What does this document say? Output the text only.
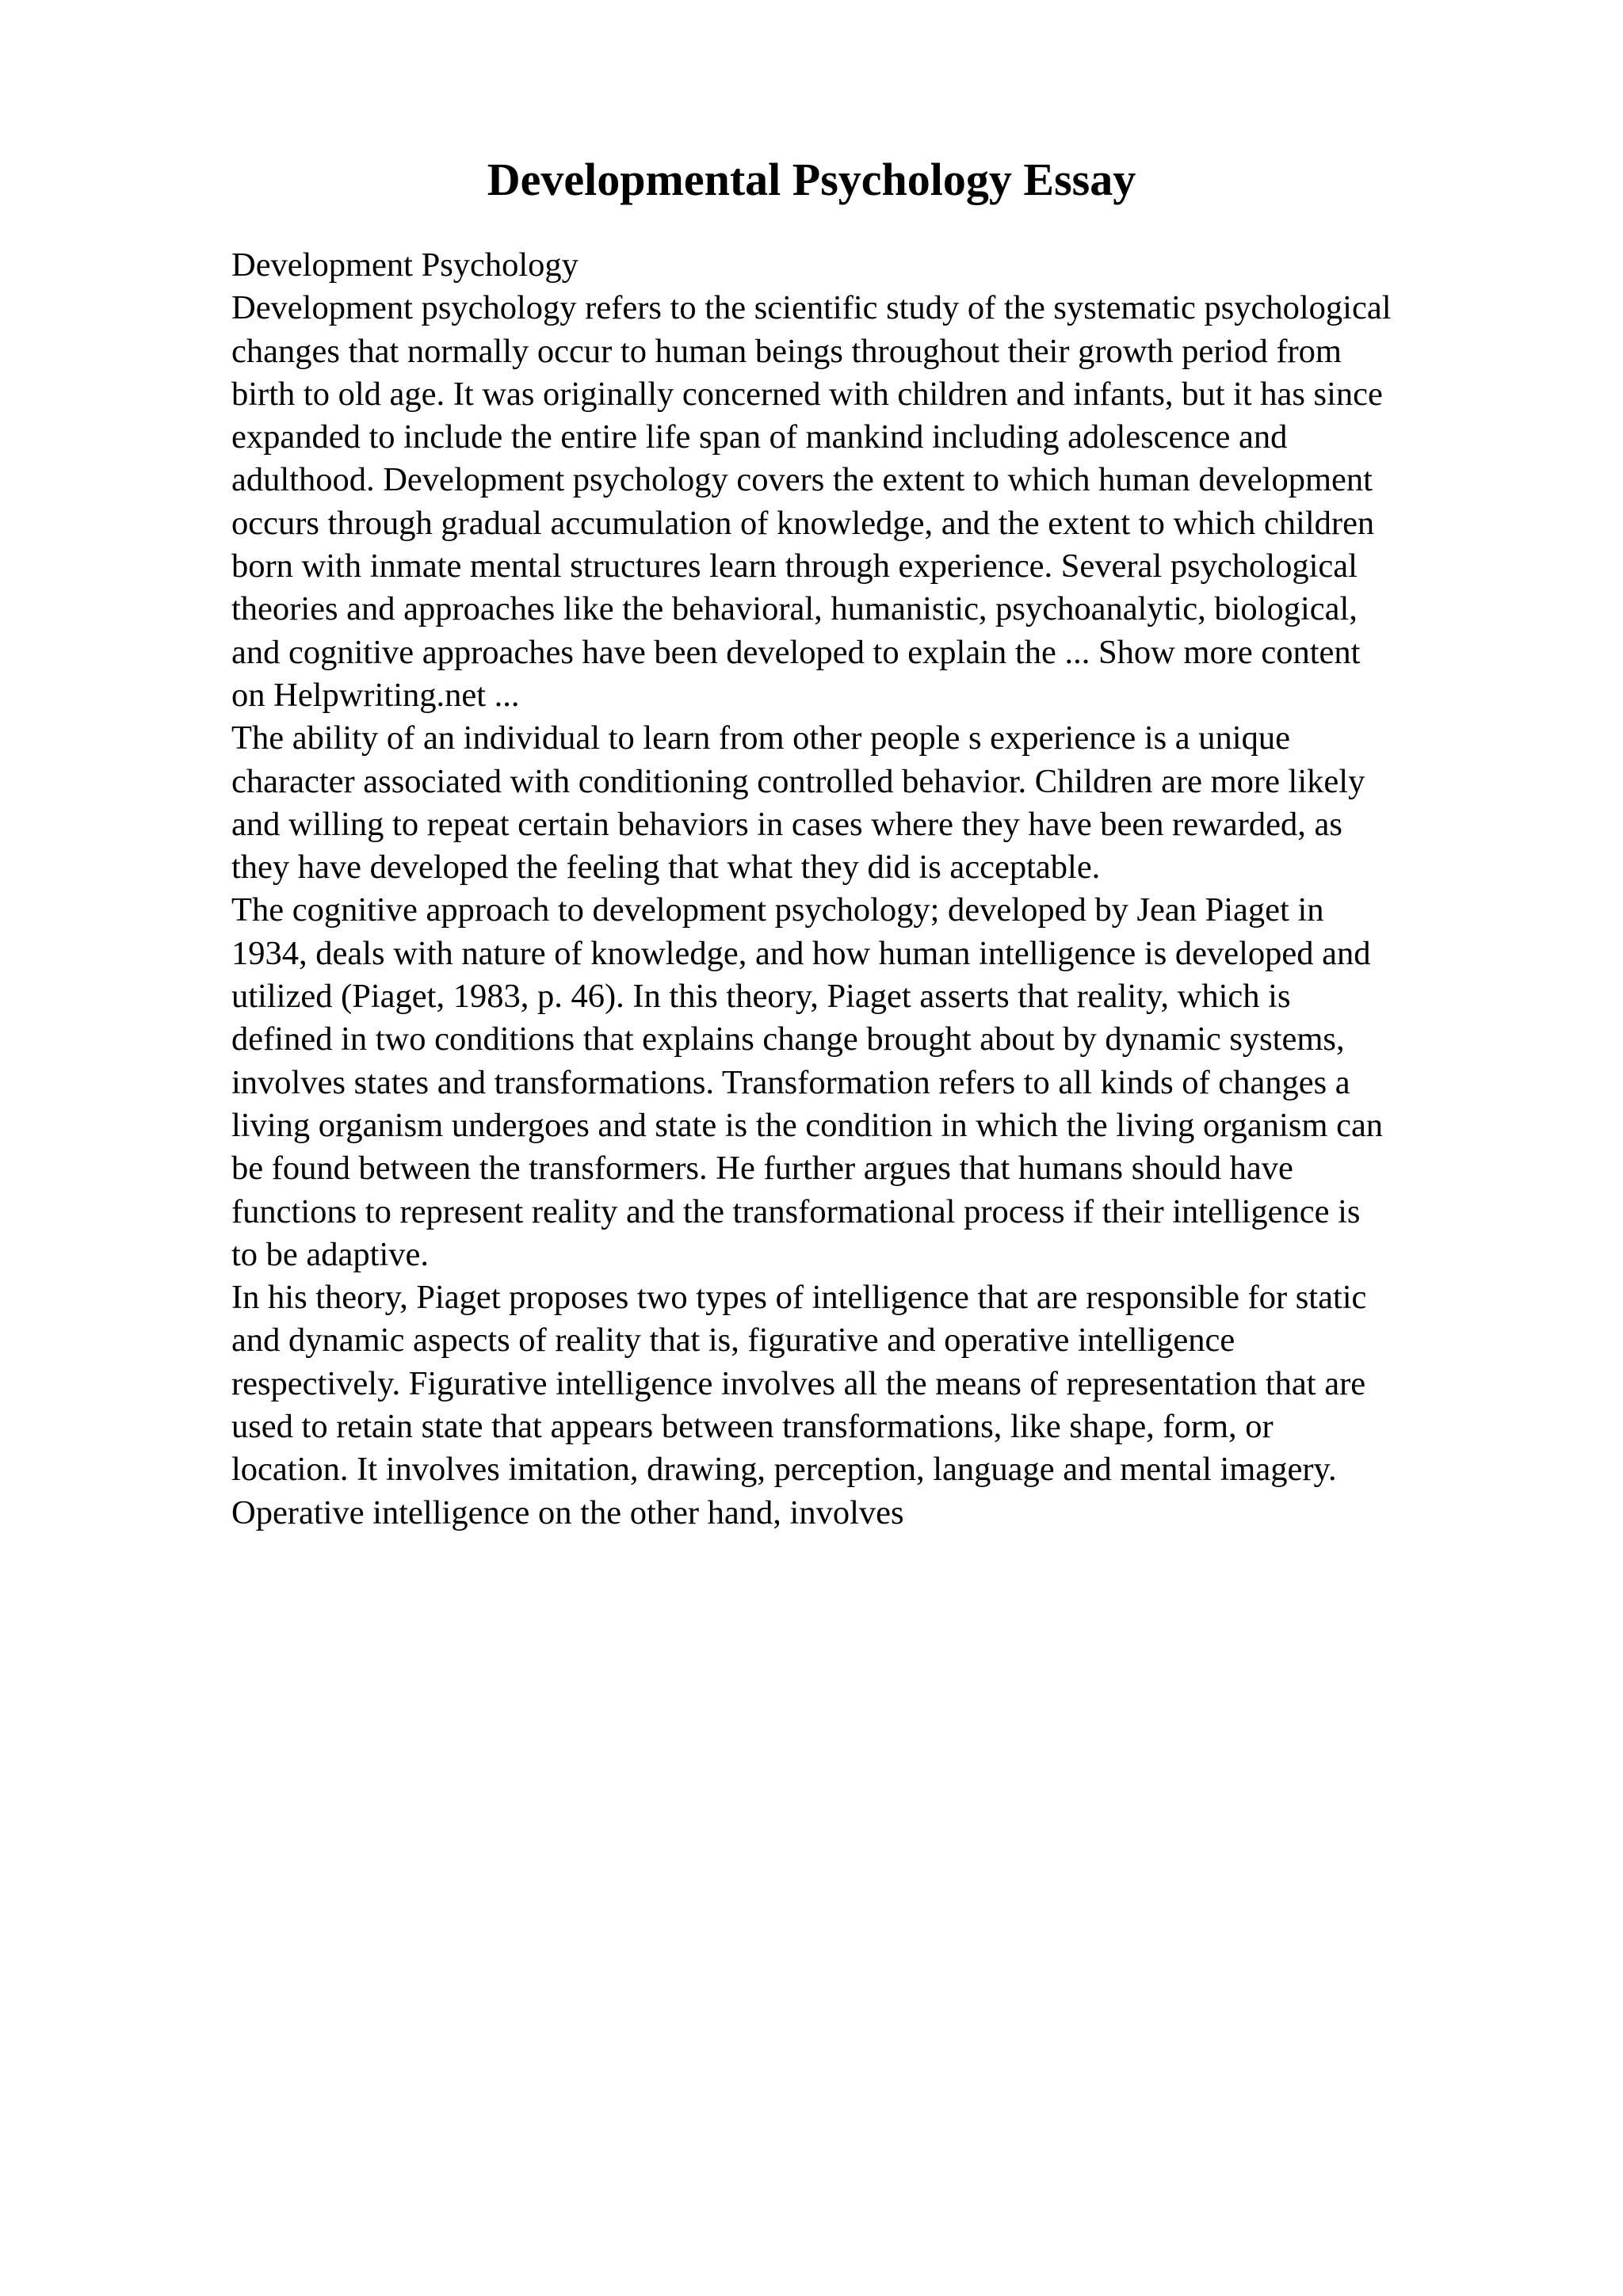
Developmental Psychology Essay
Development Psychology
Development psychology refers to the scientific study of the systematic psychological
changes that normally occur to human beings throughout their growth period from
birth to old age. It was originally concerned with children and infants, but it has since
expanded to include the entire life span of mankind including adolescence and
adulthood. Development psychology covers the extent to which human development
occurs through gradual accumulation of knowledge, and the extent to which children
born with inmate mental structures learn through experience. Several psychological
theories and approaches like the behavioral, humanistic, psychoanalytic, biological,
and cognitive approaches have been developed to explain the ... Show more content
on Helpwriting.net ...
The ability of an individual to learn from other people s experience is a unique
character associated with conditioning controlled behavior. Children are more likely
and willing to repeat certain behaviors in cases where they have been rewarded, as
they have developed the feeling that what they did is acceptable.
The cognitive approach to development psychology; developed by Jean Piaget in
1934, deals with nature of knowledge, and how human intelligence is developed and
utilized (Piaget, 1983, p. 46). In this theory, Piaget asserts that reality, which is
defined in two conditions that explains change brought about by dynamic systems,
involves states and transformations. Transformation refers to all kinds of changes a
living organism undergoes and state is the condition in which the living organism can
be found between the transformers. He further argues that humans should have
functions to represent reality and the transformational process if their intelligence is
to be adaptive.
In his theory, Piaget proposes two types of intelligence that are responsible for static
and dynamic aspects of reality that is, figurative and operative intelligence
respectively. Figurative intelligence involves all the means of representation that are
used to retain state that appears between transformations, like shape, form, or
location. It involves imitation, drawing, perception, language and mental imagery.
Operative intelligence on the other hand, involves
